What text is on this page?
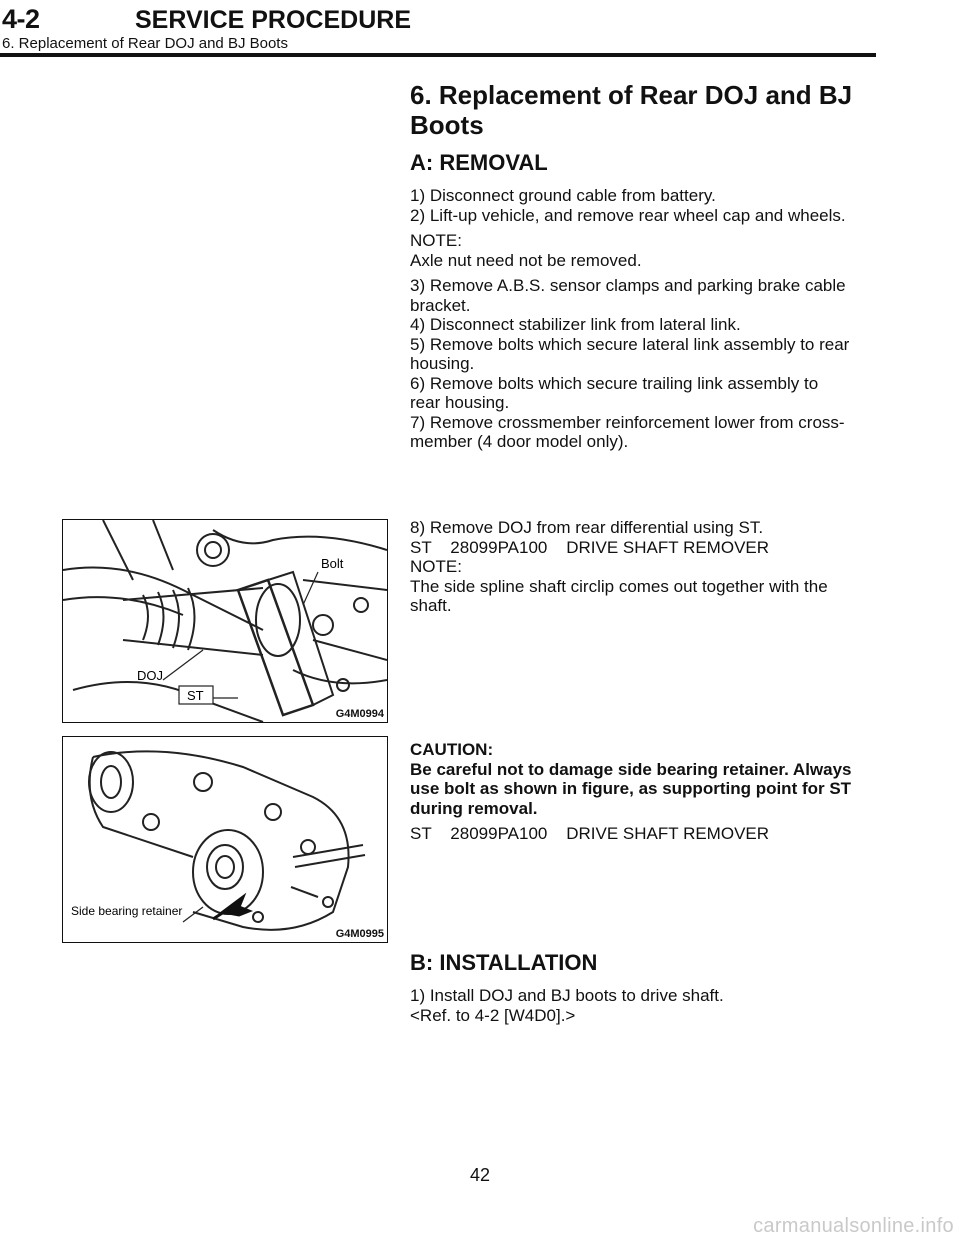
4-2	SERVICE PROCEDURE
6. Replacement of Rear DOJ and BJ Boots

6. Replacement of Rear DOJ and BJ

Boots

A: REMOVAL

1) Disconnect ground cable from battery.

2) Lift-up vehicle, and remove rear wheel cap and wheels.

NOTE:

Axle nut need not be removed.

3) Remove A.B.S. sensor clamps and parking brake cable

bracket.

4) Disconnect stabilizer link from lateral link.

5) Remove bolts which secure lateral link assembly to rear

housing.

6) Remove bolts which secure trailing link assembly to

rear housing.

7) Remove crossmember reinforcement lower from cross-

member (4 door model only).

8) Remove DOJ from rear differential using ST.

ST    28099PA100    DRIVE SHAFT REMOVER

NOTE:

The side spline shaft circlip comes out together with the

shaft.

CAUTION:

Be careful not to damage side bearing retainer. Always

use bolt as shown in figure, as supporting point for ST

during removal.

ST    28099PA100    DRIVE SHAFT REMOVER

B: INSTALLATION

1) Install DOJ and BJ boots to drive shaft.

<Ref. to 4-2 [W4D0].>

Bolt
DOJ
ST
G4M0994
Side bearing retainer
G4M0995
42
carmanualsonline.info
